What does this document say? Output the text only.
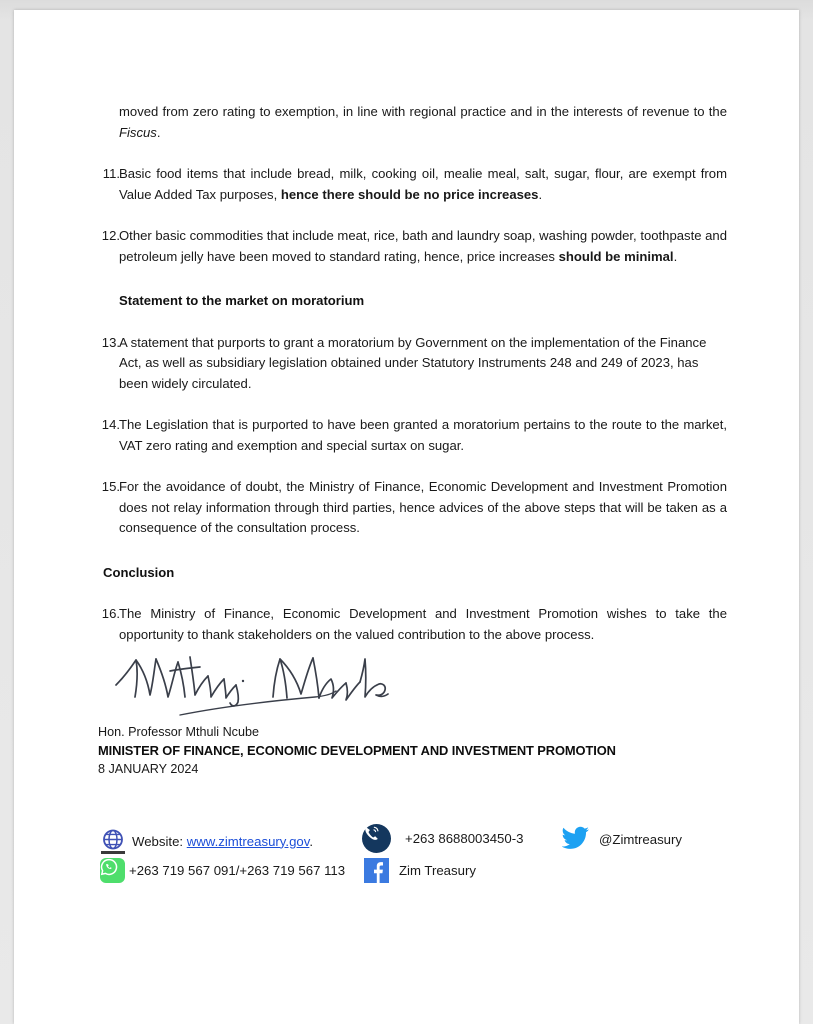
moved from zero rating to exemption, in line with regional practice and in the interests of revenue to the Fiscus.

11. Basic food items that include bread, milk, cooking oil, mealie meal, salt, sugar, flour, are exempt from Value Added Tax purposes, hence there should be no price increases.

12. Other basic commodities that include meat, rice, bath and laundry soap, washing powder, toothpaste and petroleum jelly have been moved to standard rating, hence, price increases should be minimal.

Statement to the market on moratorium

13. A statement that purports to grant a moratorium by Government on the implementation of the Finance Act, as well as subsidiary legislation obtained under Statutory Instruments 248 and 249 of 2023, has been widely circulated.

14. The Legislation that is purported to have been granted a moratorium pertains to the route to the market, VAT zero rating and exemption and special surtax on sugar.

15. For the avoidance of doubt, the Ministry of Finance, Economic Development and Investment Promotion does not relay information through third parties, hence advices of the above steps that will be taken as a consequence of the consultation process.

Conclusion

16. The Ministry of Finance, Economic Development and Investment Promotion wishes to take the opportunity to thank stakeholders on the valued contribution to the above process.

Hon. Professor Mthuli Ncube

MINISTER OF FINANCE, ECONOMIC DEVELOPMENT AND INVESTMENT PROMOTION

8 JANUARY 2024

Website: www.zimtreasury.gov.
+263 719 567 091/+263 719 567 113
+263 8688003450-3
Zim Treasury
@Zimtreasury
